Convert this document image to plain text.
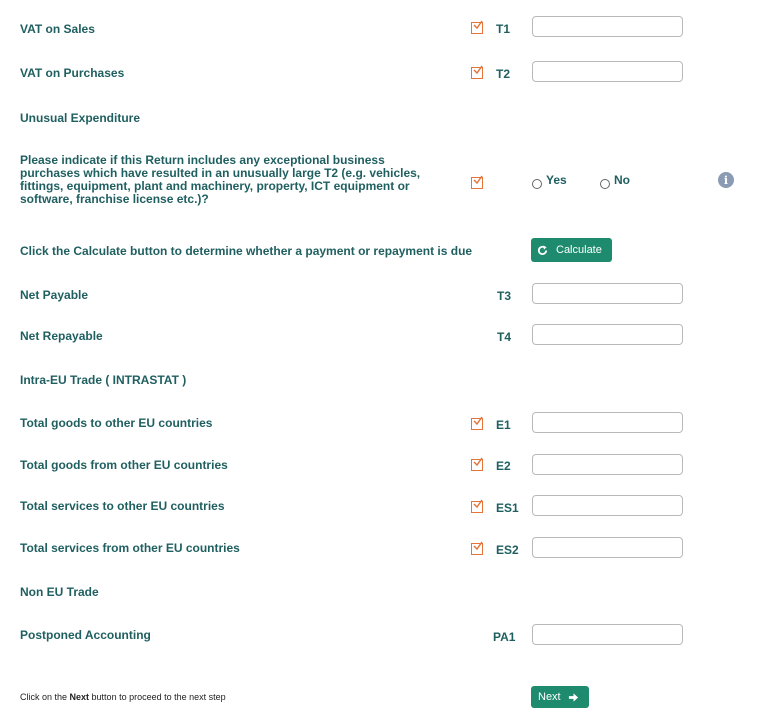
VAT on Sales	T1
VAT on Purchases	T2
Unusual Expenditure
Please indicate if this Return includes any exceptional business
purchases which have resulted in an unusually large T2 (e.g. vehicles,
fittings, equipment, plant and machinery, property, ICT equipment or
software, franchise license etc.)?
Yes	No	i
Click the Calculate button to determine whether a payment or repayment is due	Calculate
Net Payable	T3
Net Repayable	T4
Intra-EU Trade ( INTRASTAT )
Total goods to other EU countries	E1
Total goods from other EU countries	E2
Total services to other EU countries	ES1
Total services from other EU countries	ES2
Non EU Trade
Postponed Accounting	PA1
Click on the Next button to proceed to the next step	Next
